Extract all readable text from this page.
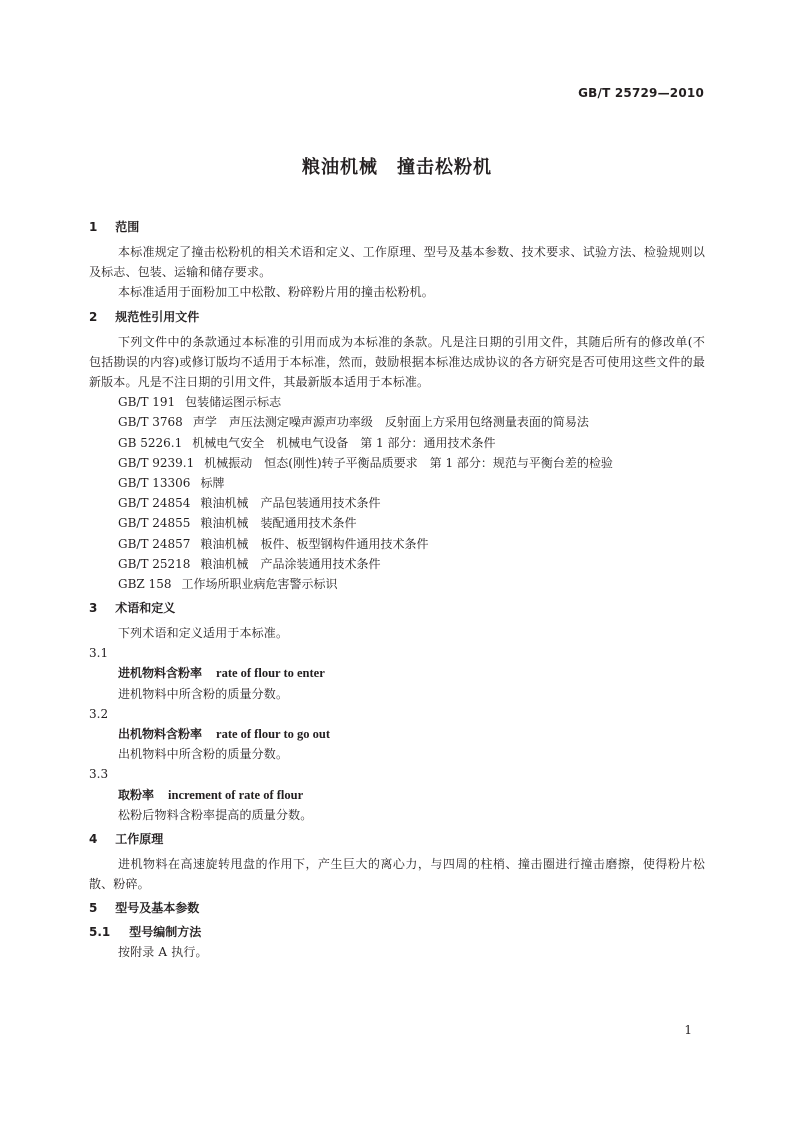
GB/T 25729—2010
粮油机械　撞击松粉机
1 范围
本标准规定了撞击松粉机的相关术语和定义、工作原理、型号及基本参数、技术要求、试验方法、检验规则以及标志、包装、运输和储存要求。
本标准适用于面粉加工中松散、粉碎粉片用的撞击松粉机。
2 规范性引用文件
下列文件中的条款通过本标准的引用而成为本标准的条款。凡是注日期的引用文件，其随后所有的修改单(不包括勘误的内容)或修订版均不适用于本标准，然而，鼓励根据本标准达成协议的各方研究是否可使用这些文件的最新版本。凡是不注日期的引用文件，其最新版本适用于本标准。
GB/T 191 包装储运图示标志
GB/T 3768 声学　声压法测定噪声源声功率级　反射面上方采用包络测量表面的简易法
GB 5226.1 机械电气安全　机械电气设备　第 1 部分：通用技术条件
GB/T 9239.1 机械振动　恒态(刚性)转子平衡品质要求　第 1 部分：规范与平衡台差的检验
GB/T 13306 标牌
GB/T 24854 粮油机械　产品包装通用技术条件
GB/T 24855 粮油机械　装配通用技术条件
GB/T 24857 粮油机械　板件、板型钢构件通用技术条件
GB/T 25218 粮油机械　产品涂装通用技术条件
GBZ 158 工作场所职业病危害警示标识
3 术语和定义
下列术语和定义适用于本标准。
3.1
进机物料含粉率 rate of flour to enter
进机物料中所含粉的质量分数。
3.2
出机物料含粉率 rate of flour to go out
出机物料中所含粉的质量分数。
3.3
取粉率 increment of rate of flour
松粉后物料含粉率提高的质量分数。
4 工作原理
进机物料在高速旋转甩盘的作用下，产生巨大的离心力，与四周的柱梢、撞击圈进行撞击磨擦，使得粉片松散、粉碎。
5 型号及基本参数
5.1 型号编制方法
按附录 A 执行。
1
